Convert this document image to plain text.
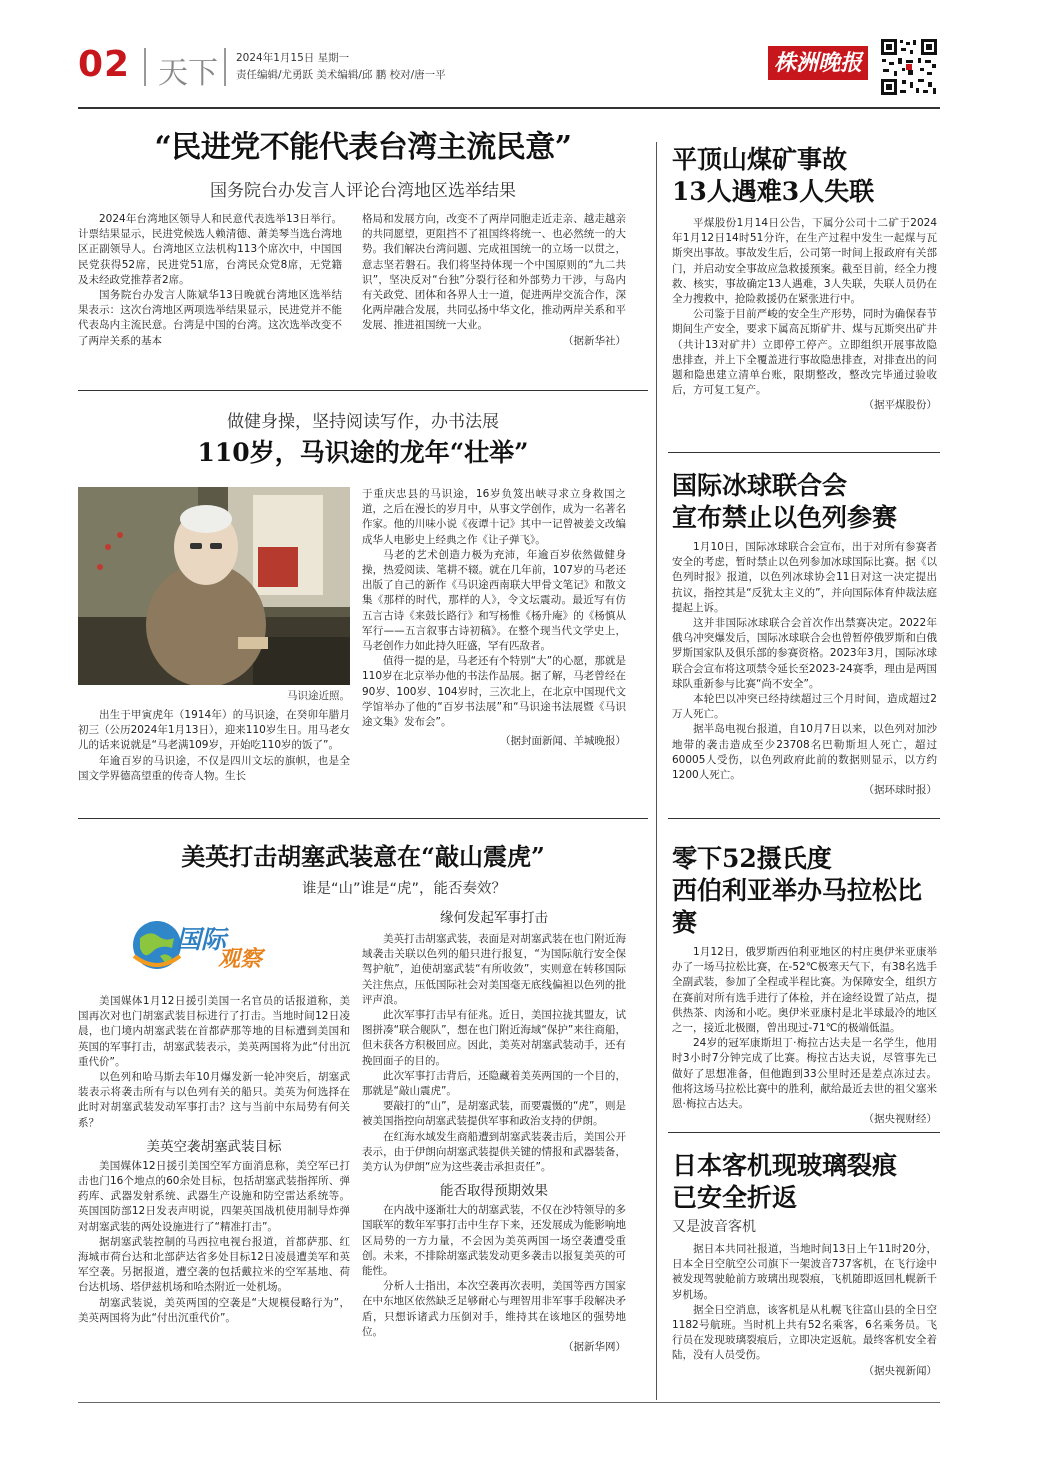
02 天下 2024年1月15日 星期一
责任编辑/尤勇跃 美术编辑/邱 鹏 校对/唐一平	株洲晚报
“民进党不能代表台湾主流民意”
国务院台办发言人评论台湾地区选举结果

2024年台湾地区领导人和民意代表选举13日举行。计票结果显示，民进党候选人赖清德、萧美琴当选台湾地区正副领导人。台湾地区立法机构113个席次中，中国国民党获得52席，民进党51席，台湾民众党8席，无党籍及未经政党推荐者2席。

国务院台办发言人陈斌华13日晚就台湾地区选举结果表示：这次台湾地区两项选举结果显示，民进党并不能代表岛内主流民意。台湾是中国的台湾。这次选举改变不了两岸关系的基本

格局和发展方向，改变不了两岸同胞走近走亲、越走越亲的共同愿望，更阻挡不了祖国终将统一、也必然统一的大势。我们解决台湾问题、完成祖国统一的立场一以贯之，意志坚若磐石。我们将坚持体现一个中国原则的“九二共识”，坚决反对“台独”分裂行径和外部势力干涉，与岛内有关政党、团体和各界人士一道，促进两岸交流合作，深化两岸融合发展，共同弘扬中华文化，推动两岸关系和平发展、推进祖国统一大业。

（据新华社）
做健身操，坚持阅读写作，办书法展
110岁，马识途的龙年“壮举”
马识途近照。

出生于甲寅虎年（1914年）的马识途，在癸卯年腊月初三（公历2024年1月13日），迎来110岁生日。用马老女儿的话来说就是“马老满109岁，开始吃110岁的饭了”。

年逾百岁的马识途，不仅是四川文坛的旗帜，也是全国文学界德高望重的传奇人物。生长

于重庆忠县的马识途，16岁负笈出峡寻求立身救国之道，之后在漫长的岁月中，从事文学创作，成为一名著名作家。他的川味小说《夜谭十记》其中一记曾被姜文改编成华人电影史上经典之作《让子弹飞》。

马老的艺术创造力极为充沛，年逾百岁依然做健身操，热爱阅读、笔耕不辍。就在几年前，107岁的马老还出版了自己的新作《马识途西南联大甲骨文笔记》和散文集《那样的时代，那样的人》，令文坛震动。最近写有仿五言古诗《来鼓长路行》和写杨惟《杨升庵》的《杨慎从军行——五言叙事古诗初稿》。在整个现当代文学史上，马老创作力如此持久旺盛，罕有匹敌者。

值得一提的是，马老还有个特别“大”的心愿，那就是110岁在北京举办他的书法作品展。据了解，马老曾经在90岁、100岁、104岁时，三次北上，在北京中国现代文学馆举办了他的“百岁书法展”和“马识途书法展暨《马识途文集》发布会”。

（据封面新闻、羊城晚报）
美英打击胡塞武装意在“敲山震虎”
谁是“山”谁是“虎”，能否奏效？
国际
观察
缘何发起军事打击

美国媒体1月12日援引美国一名官员的话报道称，美国再次对也门胡塞武装目标进行了打击。当地时间12日凌晨，也门境内胡塞武装在首都萨那等地的目标遭到美国和英国的军事打击，胡塞武装表示，美英两国将为此“付出沉重代价”。

以色列和哈马斯去年10月爆发新一轮冲突后，胡塞武装表示将袭击所有与以色列有关的船只。美英为何选择在此时对胡塞武装发动军事打击？这与当前中东局势有何关系？

美英空袭胡塞武装目标

美国媒体12日援引美国空军方面消息称，美空军已打击也门16个地点的60余处目标，包括胡塞武装指挥所、弹药库、武器发射系统、武器生产设施和防空雷达系统等。英国国防部12日发表声明说，四架英国战机使用制导炸弹对胡塞武装的两处设施进行了“精准打击”。

据胡塞武装控制的马西拉电视台报道，首都萨那、红海城市荷台达和北部萨达省多处目标12日凌晨遭美军和英军空袭。另据报道，遭空袭的包括戴拉米的空军基地、荷台达机场、塔伊兹机场和哈杰附近一处机场。

胡塞武装说，美英两国的空袭是“大规模侵略行为”，美英两国将为此“付出沉重代价”。

美英打击胡塞武装，表面是对胡塞武装在也门附近海域袭击关联以色列的船只进行报复，“为国际航行安全保驾护航”，迫使胡塞武装“有所收敛”，实则意在转移国际关注焦点，压低国际社会对美国毫无底线偏袒以色列的批评声浪。

此次军事打击早有征兆。近日，美国拉拢其盟友，试图拼凑“联合舰队”，想在也门附近海域“保护”来往商船，但未获各方积极回应。因此，美英对胡塞武装动手，还有挽回面子的目的。

此次军事打击背后，还隐藏着美英两国的一个目的，那就是“敲山震虎”。

要敲打的“山”，是胡塞武装，而要震慑的“虎”，则是被美国指控向胡塞武装提供军事和政治支持的伊朗。

在红海水域发生商船遭到胡塞武装袭击后，美国公开表示，由于伊朗向胡塞武装提供关键的情报和武器装备，美方认为伊朗“应为这些袭击承担责任”。

能否取得预期效果

在内战中逐渐壮大的胡塞武装，不仅在沙特领导的多国联军的数年军事打击中生存下来，还发展成为能影响地区局势的一方力量，不会因为美英两国一场空袭遭受重创。未来，不排除胡塞武装发动更多袭击以报复美英的可能性。

分析人士指出，本次空袭再次表明，美国等西方国家在中东地区依然缺乏足够耐心与理智用非军事手段解决矛盾，只想诉诸武力压倒对手，维持其在该地区的强势地位。

（据新华网）
平顶山煤矿事故
13人遇难3人失联

平煤股份1月14日公告，下属分公司十二矿于2024年1月12日14时51分许，在生产过程中发生一起煤与瓦斯突出事故。事故发生后，公司第一时间上报政府有关部门，并启动安全事故应急救援预案。截至目前，经全力搜救、核实，事故确定13人遇难，3人失联，失联人员仍在全力搜救中，抢险救援仍在紧张进行中。

公司鉴于目前严峻的安全生产形势，同时为确保春节期间生产安全，要求下属高瓦斯矿井、煤与瓦斯突出矿井（共计13对矿井）立即停工停产。立即组织开展事故隐患排查，并上下全覆盖进行事故隐患排查，对排查出的问题和隐患建立清单台账，限期整改，整改完毕通过验收后，方可复工复产。

（据平煤股份）
国际冰球联合会
宣布禁止以色列参赛

1月10日，国际冰球联合会宣布，出于对所有参赛者安全的考虑，暂时禁止以色列参加冰球国际比赛。据《以色列时报》报道，以色列冰球协会11日对这一决定提出抗议，指控其是“反犹太主义的”，并向国际体育仲裁法庭提起上诉。

这并非国际冰球联合会首次作出禁赛决定。2022年俄乌冲突爆发后，国际冰球联合会也曾暂停俄罗斯和白俄罗斯国家队及俱乐部的参赛资格。2023年3月，国际冰球联合会宣布将这项禁令延长至2023-24赛季，理由是两国球队重新参与比赛“尚不安全”。

本轮巴以冲突已经持续超过三个月时间，造成超过2万人死亡。

据半岛电视台报道，自10月7日以来，以色列对加沙地带的袭击造成至少23708名巴勒斯坦人死亡，超过60005人受伤，以色列政府此前的数据则显示，以方约1200人死亡。

（据环球时报）
零下52摄氏度
西伯利亚举办马拉松比赛

1月12日，俄罗斯西伯利亚地区的村庄奥伊米亚康举办了一场马拉松比赛，在-52℃极寒天气下，有38名选手全副武装，参加了全程或半程比赛。为保障安全，组织方在赛前对所有选手进行了体检，并在途经设置了站点，提供热茶、肉汤和小吃。奥伊米亚康村是北半球最冷的地区之一，接近北极圈，曾出现过-71℃的极端低温。

24岁的冠军康斯坦丁·梅拉古达夫是一名学生，他用时3小时7分钟完成了比赛。梅拉古达夫说，尽管事先已做好了思想准备，但他跑到33公里时还是差点冻过去。他将这场马拉松比赛中的胜利，献给最近去世的祖父塞米恩·梅拉古达夫。

（据央视财经）
日本客机现玻璃裂痕
已安全折返
又是波音客机

据日本共同社报道，当地时间13日上午11时20分，日本全日空航空公司旗下一架波音737客机，在飞行途中被发现驾驶舱前方玻璃出现裂痕，飞机随即返回札幌新千岁机场。

据全日空消息，该客机是从札幌飞往富山县的全日空1182号航班。当时机上共有52名乘客，6名乘务员。飞行员在发现玻璃裂痕后，立即决定返航。最终客机安全着陆，没有人员受伤。

（据央视新闻）
